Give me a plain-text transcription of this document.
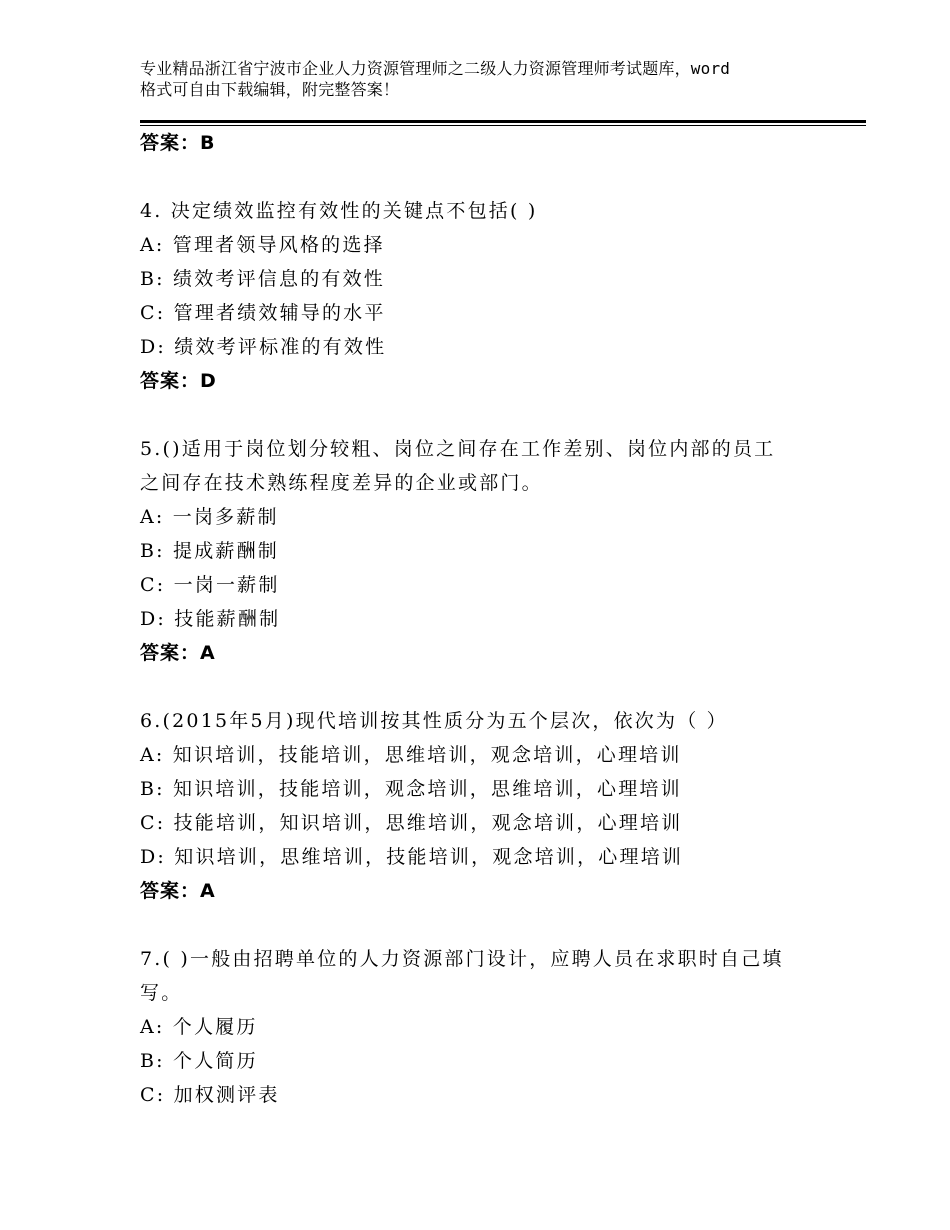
专业精品浙江省宁波市企业人力资源管理师之二级人力资源管理师考试题库，word
格式可自由下载编辑，附完整答案！
答案：B
4. 决定绩效监控有效性的关键点不包括( )
A: 管理者领导风格的选择
B: 绩效考评信息的有效性
C: 管理者绩效辅导的水平
D: 绩效考评标准的有效性
答案：D
5.()适用于岗位划分较粗、岗位之间存在工作差别、岗位内部的员工
之间存在技术熟练程度差异的企业或部门。
A: 一岗多薪制
B: 提成薪酬制
C: 一岗一薪制
D: 技能薪酬制
答案：A
6.(2015年5月)现代培训按其性质分为五个层次，依次为（ ）
A: 知识培训，技能培训，思维培训，观念培训，心理培训
B: 知识培训，技能培训，观念培训，思维培训，心理培训
C: 技能培训，知识培训，思维培训，观念培训，心理培训
D: 知识培训，思维培训，技能培训，观念培训，心理培训
答案：A
7.( )一般由招聘单位的人力资源部门设计，应聘人员在求职时自己填
写。
A: 个人履历
B: 个人简历
C: 加权测评表
